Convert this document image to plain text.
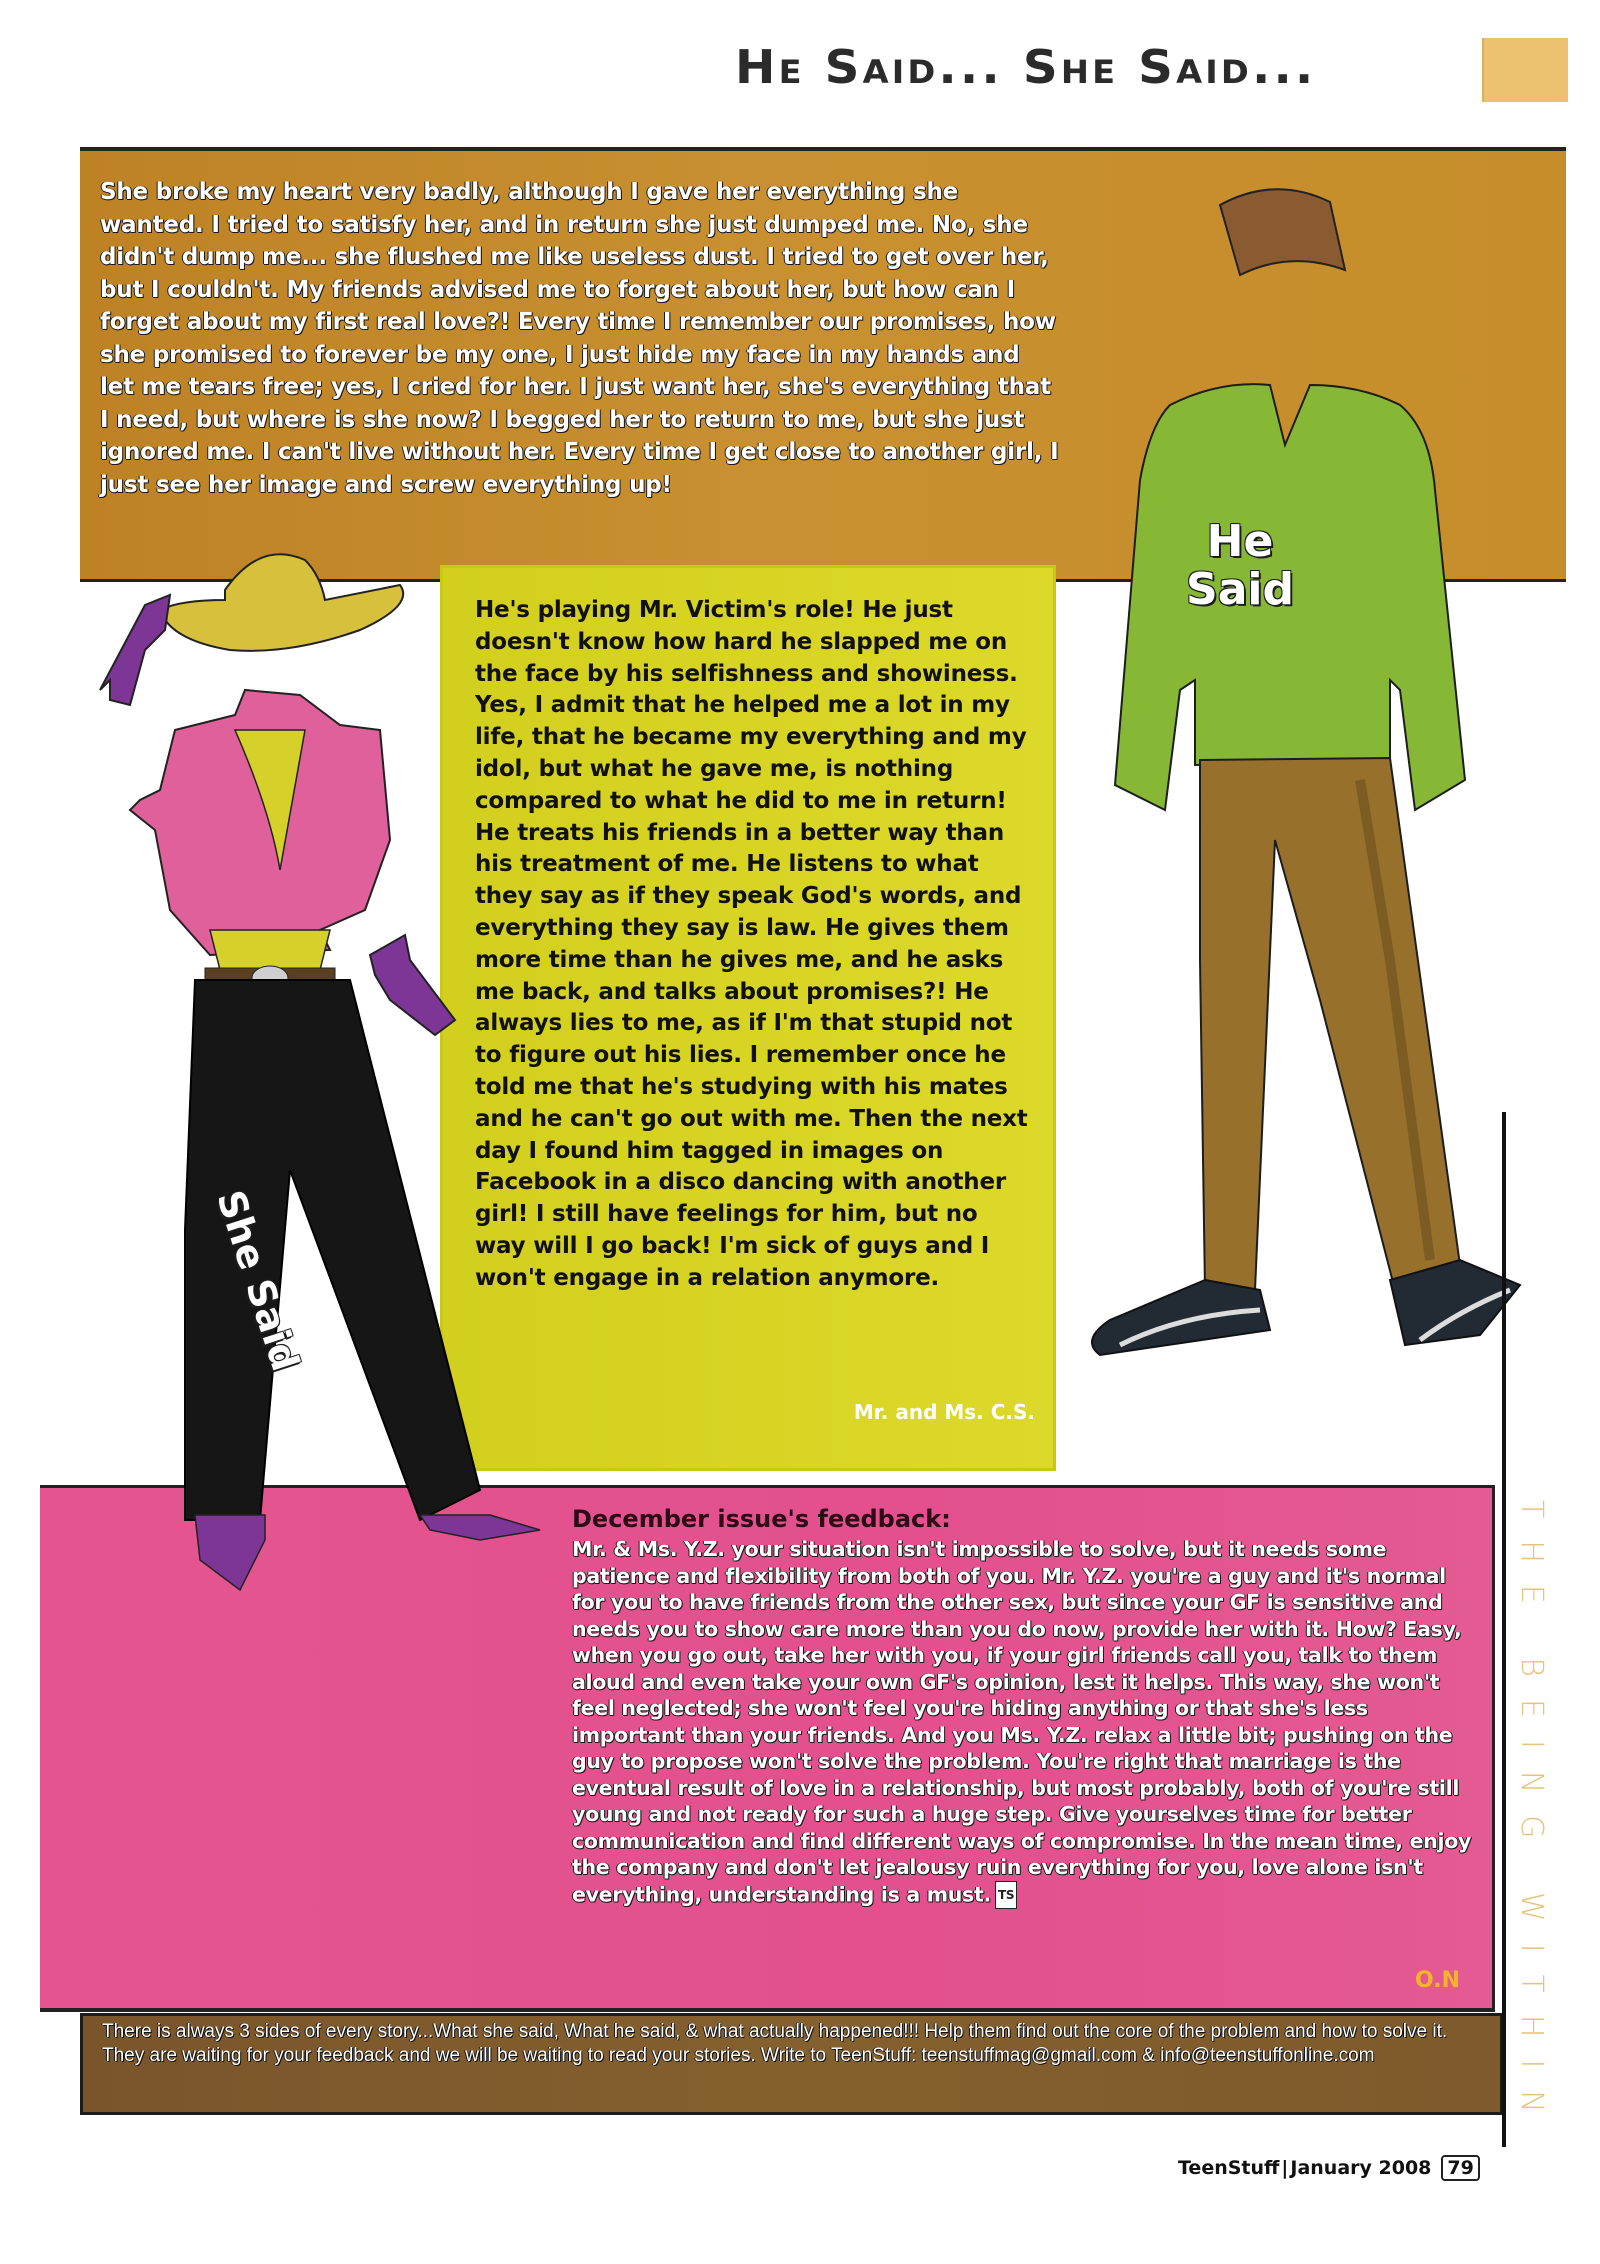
He Said... She Said...
She broke my heart very badly, although I gave her everything she wanted. I tried to satisfy her, and in return she just dumped me. No, she didn't dump me... she flushed me like useless dust. I tried to get over her, but I couldn't. My friends advised me to forget about her, but how can I forget about my first real love?! Every time I remember our promises, how she promised to forever be my one, I just hide my face in my hands and let me tears free; yes, I cried for her. I just want her, she's everything that I need, but where is she now? I begged her to return to me, but she just ignored me. I can't live without her. Every time I get close to another girl, I just see her image and screw everything up!
He Said
He's playing Mr. Victim's role! He just doesn't know how hard he slapped me on the face by his selfishness and showiness. Yes, I admit that he helped me a lot in my life, that he became my everything and my idol, but what he gave me, is nothing compared to what he did to me in return! He treats his friends in a better way than his treatment of me. He listens to what they say as if they speak God's words, and everything they say is law. He gives them more time than he gives me, and he asks me back, and talks about promises?! He always lies to me, as if I'm that stupid not to figure out his lies. I remember once he told me that he's studying with his mates and he can't go out with me. Then the next day I found him tagged in images on Facebook in a disco dancing with another girl! I still have feelings for him, but no way will I go back! I'm sick of guys and I won't engage in a relation anymore.
Mr. and Ms. C.S.
She Said
December issue's feedback:
Mr. & Ms. Y.Z. your situation isn't impossible to solve, but it needs some patience and flexibility from both of you. Mr. Y.Z. you're a guy and it's normal for you to have friends from the other sex, but since your GF is sensitive and needs you to show care more than you do now, provide her with it. How? Easy, when you go out, take her with you, if your girl friends call you, talk to them aloud and even take your own GF's opinion, lest it helps. This way, she won't feel neglected; she won't feel you're hiding anything or that she's less important than your friends. And you Ms. Y.Z. relax a little bit; pushing on the guy to propose won't solve the problem. You're right that marriage is the eventual result of love in a relationship, but most probably, both of you're still young and not ready for such a huge step. Give yourselves time for better communication and find different ways of compromise. In the mean time, enjoy the company and don't let jealousy ruin everything for you, love alone isn't everything, understanding is a must. TS
O.N
There is always 3 sides of every story...What she said, What he said, & what actually happened!!! Help them find out the core of the problem and how to solve it. They are waiting for your feedback and we will be waiting to read your stories. Write to TeenStuff: teenstuffmag@gmail.com & info@teenstuffonline.com	THE BEING WITHIN
TeenStuff | January 2008 79
